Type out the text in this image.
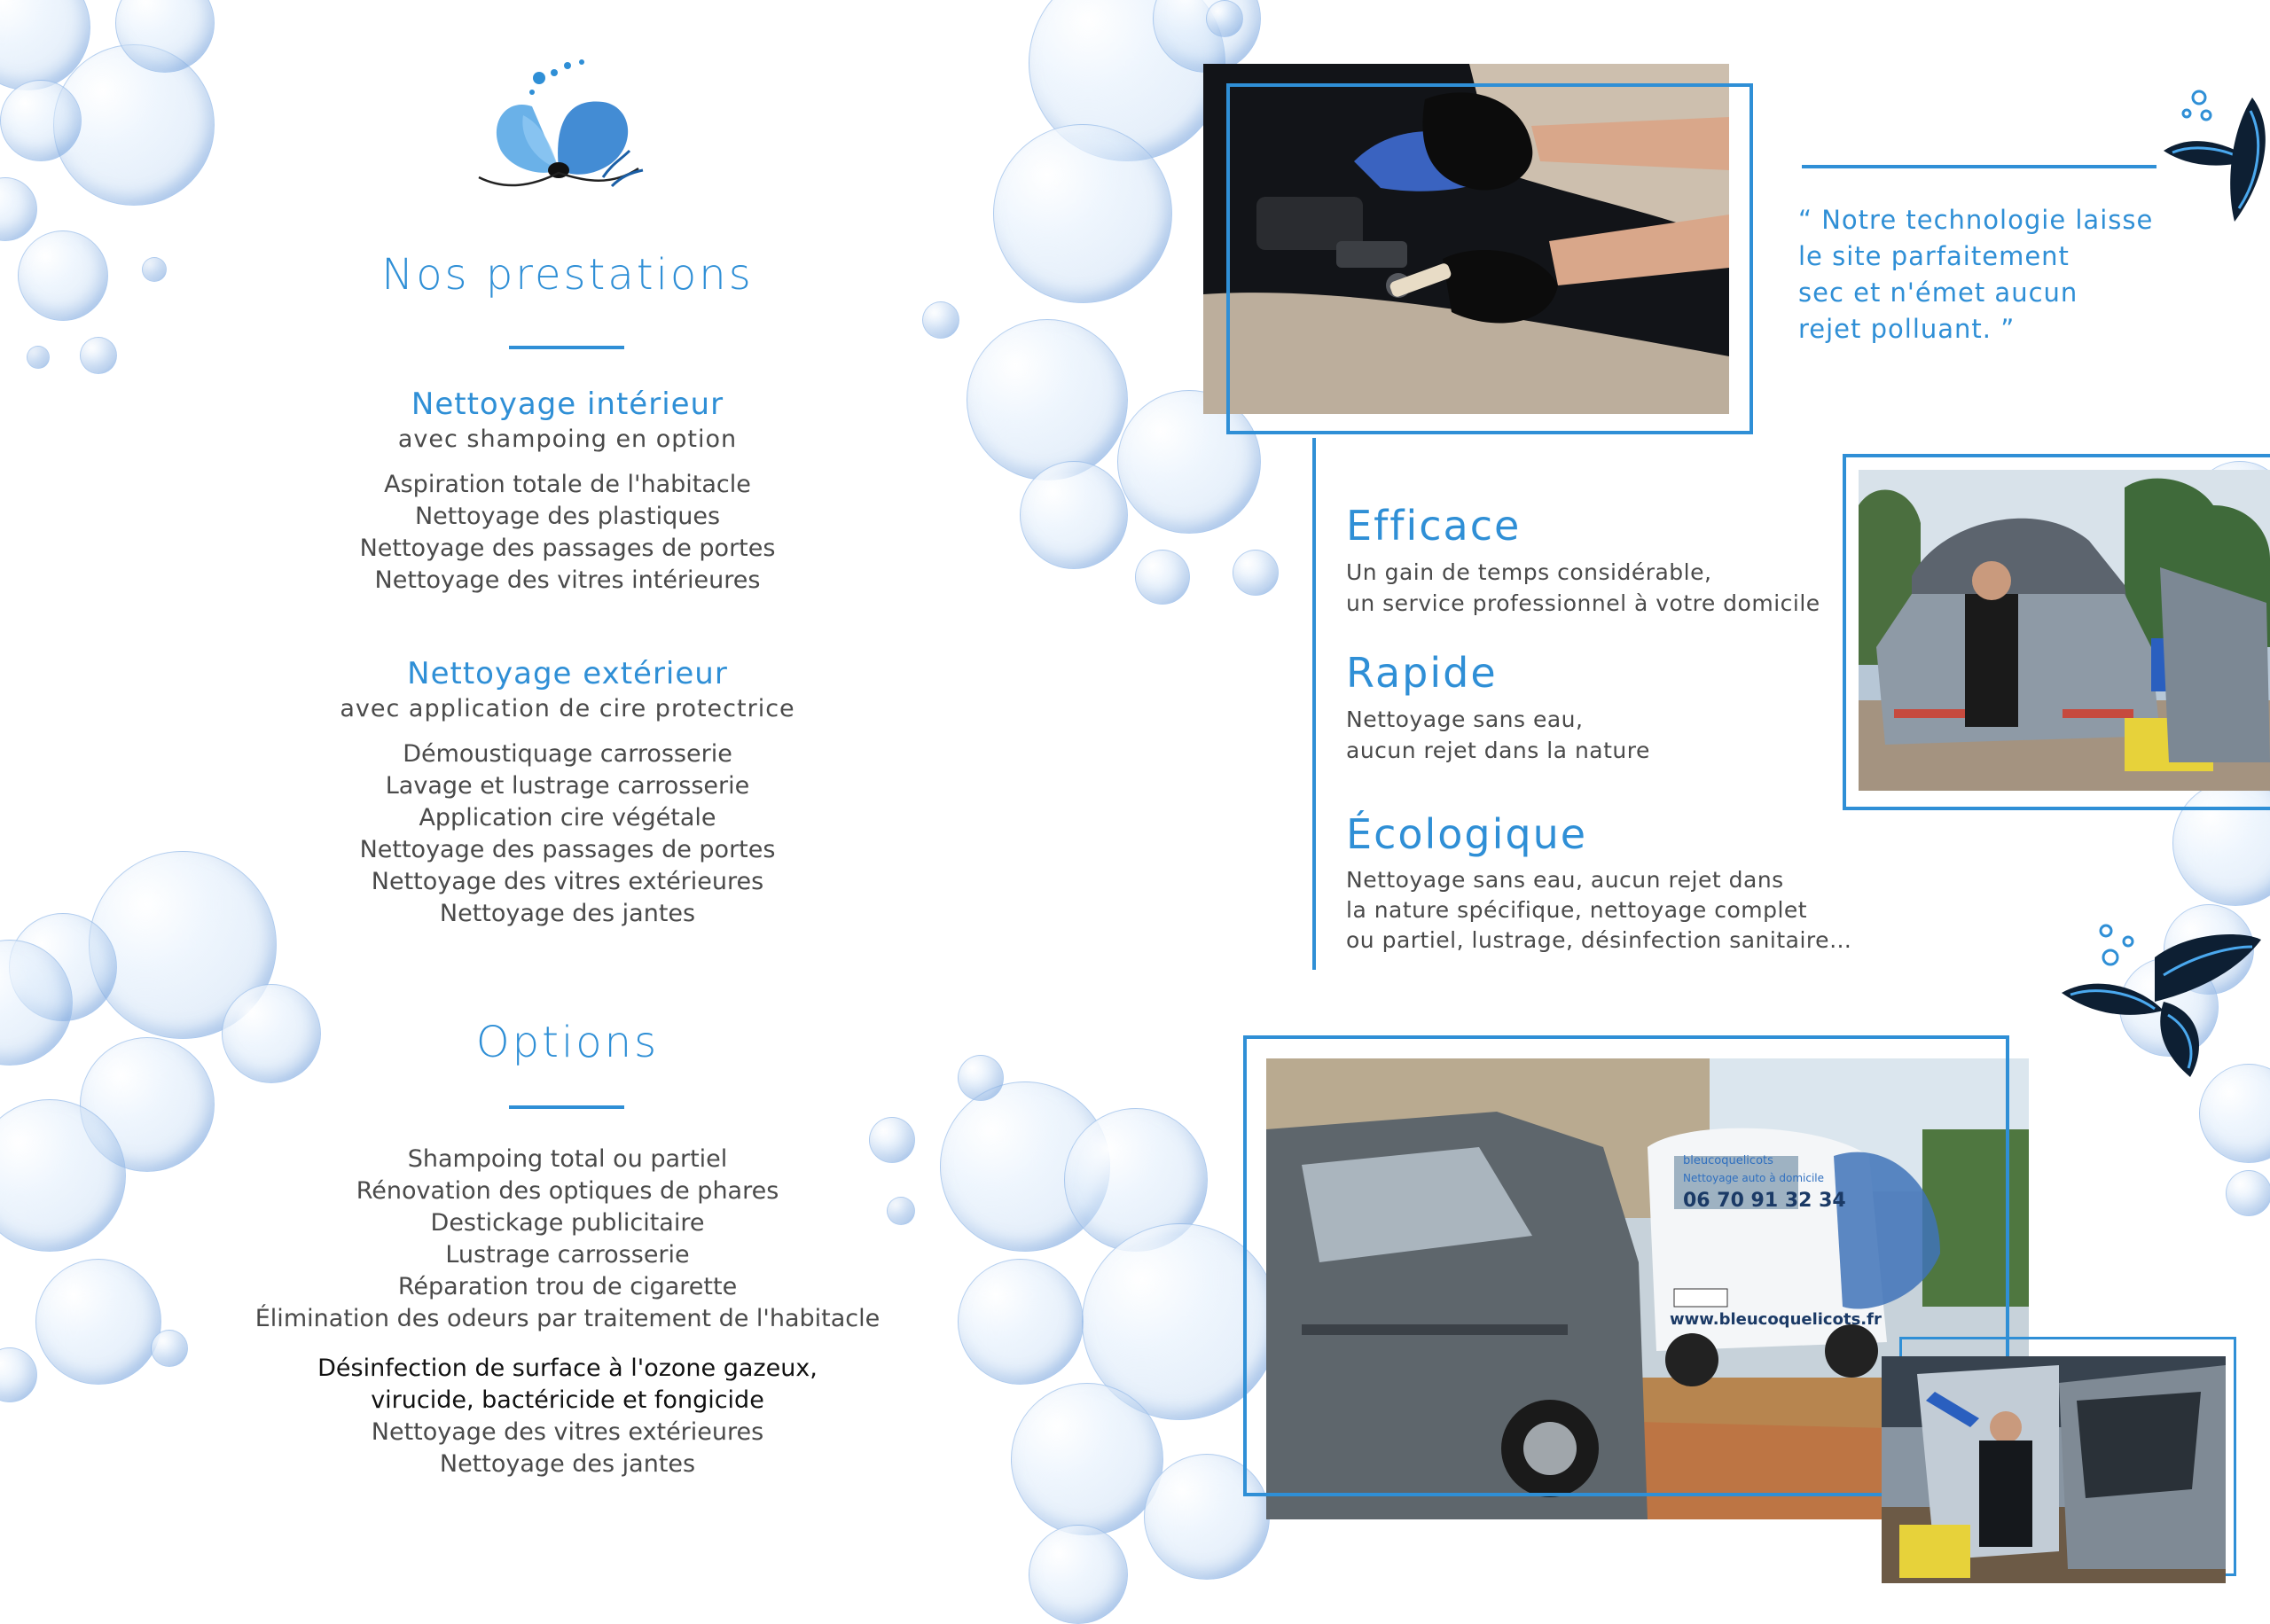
Nos prestations
Nettoyage intérieur
avec shampoing en option
Aspiration totale de l'habitacle
Nettoyage des plastiques
Nettoyage des passages de portes
Nettoyage des vitres intérieures
Nettoyage extérieur
avec application de cire protectrice
Démoustiquage carrosserie
Lavage et lustrage carrosserie
Application cire végétale
Nettoyage des passages de portes
Nettoyage des vitres extérieures
Nettoyage des jantes
Options
Shampoing total ou partiel
Rénovation des optiques de phares
Destickage publicitaire
Lustrage carrosserie
Réparation trou de cigarette
Élimination des odeurs par traitement de l'habitacle
Désinfection de surface à l'ozone gazeux,
virucide, bactéricide et fongicide
Nettoyage des vitres extérieures
Nettoyage des jantes
“ Notre technologie laisse
le site parfaitement
sec et n'émet aucun
rejet polluant. ”
Efficace
Un gain de temps considérable,
un service professionnel à votre domicile
Rapide
Nettoyage sans eau,
aucun rejet dans la nature
Écologique
Nettoyage sans eau, aucun rejet dans
la nature spécifique, nettoyage complet
ou partiel, lustrage, désinfection sanitaire…
bleucoquelicots
Nettoyage auto à domicile
06 70 91 32 34
www.bleucoquelicots.fr
